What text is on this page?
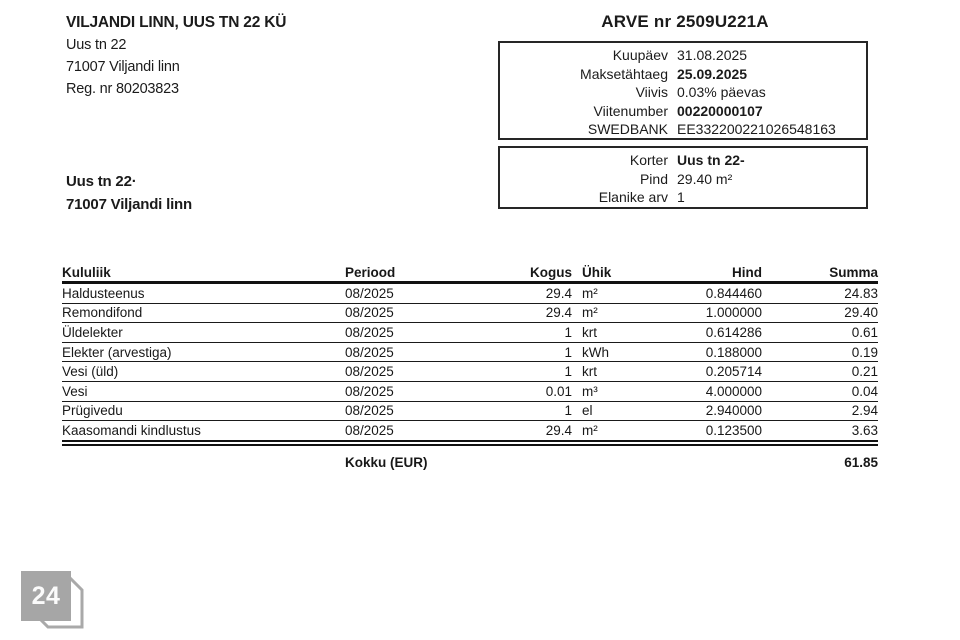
VILJANDI LINN, UUS TN 22 KÜ
Uus tn 22
71007 Viljandi linn
Reg. nr 80203823
ARVE nr 2509U221A
Kuupäev 31.08.2025
Maksetähtaeg 25.09.2025
Viivis 0.03% päevas
Viitenumber 00220000107
SWEDBANK EE332200221026548163
Korter Uus tn 22-
Pind 29.40 m²
Elanike arv 1
Uus tn 22·
71007 Viljandi linn
Kululiik	Periood	Kogus	Ühik	Hind	Summa
Haldusteenus	08/2025	29.4	m²	0.844460	24.83
Remondifond	08/2025	29.4	m²	1.000000	29.40
Üldelekter	08/2025	1	krt	0.614286	0.61
Elekter (arvestiga)	08/2025	1	kWh	0.188000	0.19
Vesi (üld)	08/2025	1	krt	0.205714	0.21
Vesi	08/2025	0.01	m³	4.000000	0.04
Prügivedu	08/2025	1	el	2.940000	2.94
Kaasomandi kindlustus	08/2025	29.4	m²	0.123500	3.63
	Kokku (EUR)				61.85
24
